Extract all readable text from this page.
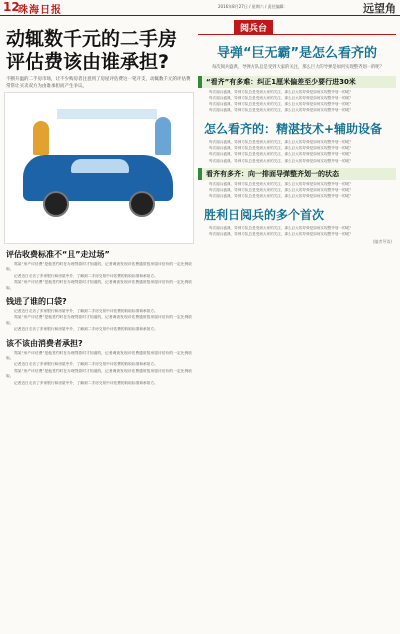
12
珠海日报	2016年8月27日 / 星期六 / 责任编辑：	远望角
动辄数千元的二手房
评估费该由谁承担?
不断升温的二手房市场，让不少购房者注意到了房屋评估费这一笔开支，动辄数千元的评估费常常让买卖双方为由谁承担而产生争议。
评估收费标准不“且”走过场”

郑某“房产评估费”是他签约时在办理贷款时才知道的，记者调查发现评估费通常按房屋评估价的一定比例收取。

记者近日走访了多家银行和房屋中介，了解到二手房交易中评估费的收取标准和承担方。

郑某“房产评估费”是他签约时在办理贷款时才知道的，记者调查发现评估费通常按房屋评估价的一定比例收取。

钱进了谁的口袋?

记者近日走访了多家银行和房屋中介，了解到二手房交易中评估费的收取标准和承担方。

郑某“房产评估费”是他签约时在办理贷款时才知道的，记者调查发现评估费通常按房屋评估价的一定比例收取。

记者近日走访了多家银行和房屋中介，了解到二手房交易中评估费的收取标准和承担方。

该不该由消费者承担?

郑某“房产评估费”是他签约时在办理贷款时才知道的，记者调查发现评估费通常按房屋评估价的一定比例收取。

记者近日走访了多家银行和房屋中介，了解到二手房交易中评估费的收取标准和承担方。

郑某“房产评估费”是他签约时在办理贷款时才知道的，记者调查发现评估费通常按房屋评估价的一定比例收取。

记者近日走访了多家银行和房屋中介，了解到二手房交易中评估费的收取标准和承担方。

阅兵台
导弹“巨无霸”是怎么看齐的

每次阅兵盛典，导弹方队总是受到大家的关注，那么巨大的导弹是如何实现整齐划一的呢？

“看齐”有多难：纠正1厘米偏差至少要行进30米

每次阅兵盛典，导弹方队总是受到大家的关注，那么巨大的导弹是如何实现整齐划一的呢？

每次阅兵盛典，导弹方队总是受到大家的关注，那么巨大的导弹是如何实现整齐划一的呢？

每次阅兵盛典，导弹方队总是受到大家的关注，那么巨大的导弹是如何实现整齐划一的呢？

每次阅兵盛典，导弹方队总是受到大家的关注，那么巨大的导弹是如何实现整齐划一的呢？

怎么看齐的：精湛技术+辅助设备

每次阅兵盛典，导弹方队总是受到大家的关注，那么巨大的导弹是如何实现整齐划一的呢？

每次阅兵盛典，导弹方队总是受到大家的关注，那么巨大的导弹是如何实现整齐划一的呢？

每次阅兵盛典，导弹方队总是受到大家的关注，那么巨大的导弹是如何实现整齐划一的呢？

每次阅兵盛典，导弹方队总是受到大家的关注，那么巨大的导弹是如何实现整齐划一的呢？

看齐有多齐：向一排面导弹整齐划一的状态

每次阅兵盛典，导弹方队总是受到大家的关注，那么巨大的导弹是如何实现整齐划一的呢？

每次阅兵盛典，导弹方队总是受到大家的关注，那么巨大的导弹是如何实现整齐划一的呢？

每次阅兵盛典，导弹方队总是受到大家的关注，那么巨大的导弹是如何实现整齐划一的呢？

胜利日阅兵的多个首次

每次阅兵盛典，导弹方队总是受到大家的关注，那么巨大的导弹是如何实现整齐划一的呢？

每次阅兵盛典，导弹方队总是受到大家的关注，那么巨大的导弹是如何实现整齐划一的呢？

(编者导读)
